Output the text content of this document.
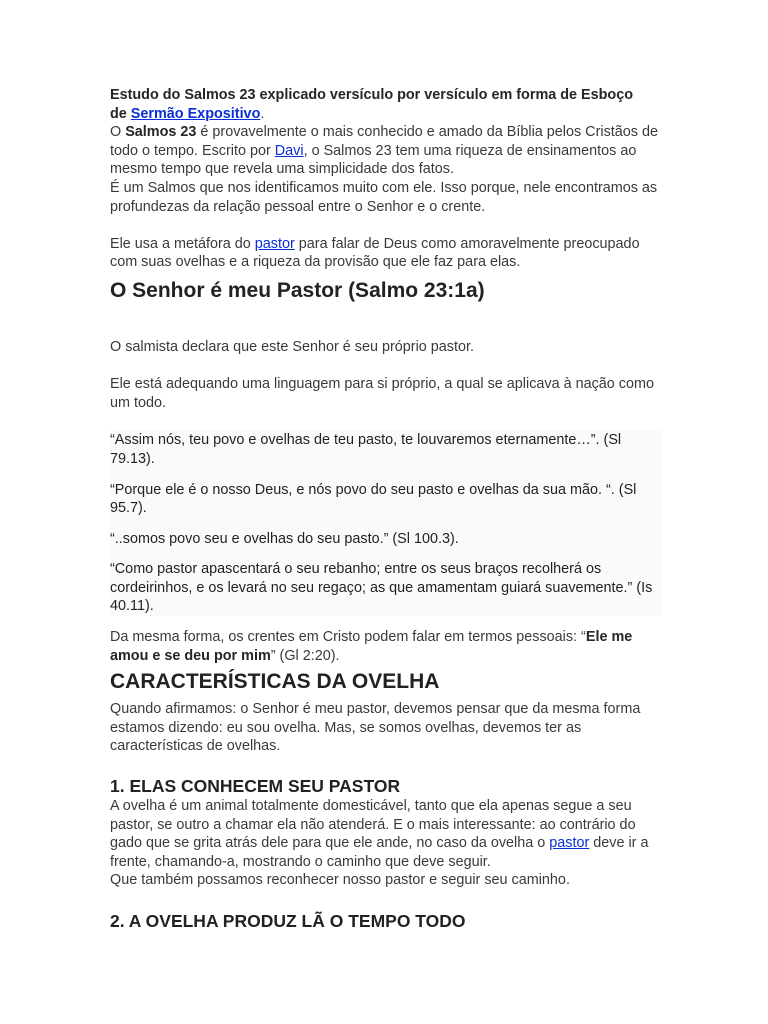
Estudo do Salmos 23 explicado versículo por versículo em forma de Esboço
de Sermão Expositivo.

O Salmos 23 é provavelmente o mais conhecido e amado da Bíblia pelos Cristãos de todo o tempo. Escrito por Davi, o Salmos 23 tem uma riqueza de ensinamentos ao mesmo tempo que revela uma simplicidade dos fatos.

É um Salmos que nos identificamos muito com ele. Isso porque, nele encontramos as profundezas da relação pessoal entre o Senhor e o crente.

Ele usa a metáfora do pastor para falar de Deus como amoravelmente preocupado com suas ovelhas e a riqueza da provisão que ele faz para elas.

O Senhor é meu Pastor (Salmo 23:1a)

O salmista declara que este Senhor é seu próprio pastor.

Ele está adequando uma linguagem para si próprio, a qual se aplicava à nação como um todo.

“Assim nós, teu povo e ovelhas de teu pasto, te louvaremos eternamente…”. (Sl 79.13).

“Porque ele é o nosso Deus, e nós povo do seu pasto e ovelhas da sua mão. “. (Sl 95.7).

“..somos povo seu e ovelhas do seu pasto.” (Sl 100.3).

“Como pastor apascentará o seu rebanho; entre os seus braços recolherá os cordeirinhos, e os levará no seu regaço; as que amamentam guiará suavemente.” (Is 40.11).

Da mesma forma, os crentes em Cristo podem falar em termos pessoais: “Ele me amou e se deu por mim” (Gl 2:20).

CARACTERÍSTICAS DA OVELHA

Quando afirmamos: o Senhor é meu pastor, devemos pensar que da mesma forma estamos dizendo: eu sou ovelha. Mas, se somos ovelhas, devemos ter as características de ovelhas.

1. ELAS CONHECEM SEU PASTOR

A ovelha é um animal totalmente domesticável, tanto que ela apenas segue a seu pastor, se outro a chamar ela não atenderá. E o mais interessante: ao contrário do gado que se grita atrás dele para que ele ande, no caso da ovelha o pastor deve ir a frente, chamando-a, mostrando o caminho que deve seguir.

Que também possamos reconhecer nosso pastor e seguir seu caminho.

2. A OVELHA PRODUZ LÃ O TEMPO TODO
